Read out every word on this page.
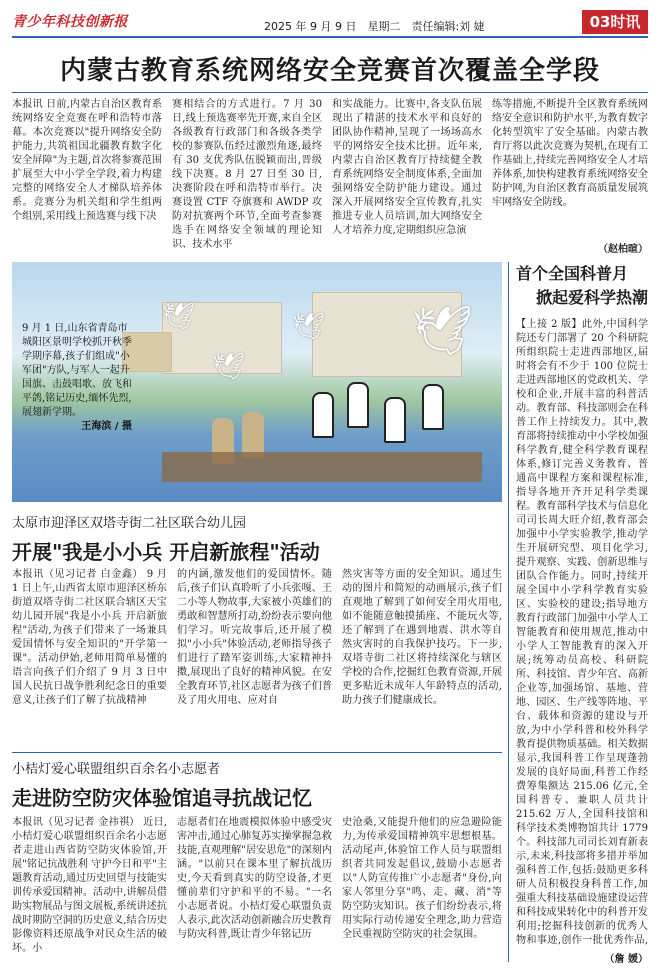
青少年科技创新报	2025 年 9 月 9 日　星期二　责任编辑:刘 婕	03时讯
内蒙古教育系统网络安全竞赛首次覆盖全学段
本报讯 日前,内蒙古自治区教育系统网络安全竞赛在呼和浩特市落幕。本次竞赛以"提升网络安全防护能力,共筑祖国北疆教育数字化安全屏障"为主题,首次将参赛范围扩展至大中小学全学段,着力构建完整的网络安全人才梯队培养体系。竞赛分为机关组和学生组两个组别,采用线上预选赛与线下决
赛相结合的方式进行。7 月 30 日,线上预选赛率先开赛,来自全区各级教育行政部门和各级各类学校的参赛队伍经过激烈角逐,最终有 30 支优秀队伍脱颖而出,晋级线下决赛。8 月 27 日至 30 日,决赛阶段在呼和浩特市举行。决赛设置 CTF 夺旗赛和 AWDP 攻防对抗赛两个环节,全面考查参赛选手在网络安全领域的理论知识、技术水平
和实战能力。比赛中,各支队伍展现出了精湛的技术水平和良好的团队协作精神,呈现了一场场高水平的网络安全技术比拼。近年来,内蒙古自治区教育厅持续健全教育系统网络安全制度体系,全面加强网络安全防护能力建设。通过深入开展网络安全宣传教育,扎实推进专业人员培训,加大网络安全人才培养力度,定期组织应急演
练等措施,不断提升全区教育系统网络安全意识和防护水平,为教育数字化转型筑牢了安全基础。内蒙古教育厅将以此次竞赛为契机,在现有工作基础上,持续完善网络安全人才培养体系,加快构建教育系统网络安全防护网,为自治区教育高质量发展筑牢网络安全防线。
（赵柏暄）
🕊︎	🕊︎ 🕊︎
🕊︎
9 月 1 日,山东省青岛市城阳区景明学校抓开秋季学期序幕,孩子们组成"小军团"方队,与军人一起升国旗、击鼓唱歌、放飞和平鸽,铭记历史,缅怀先烈,展翅新学期。
王海滨 / 摄
太原市迎泽区双塔寺街二社区联合幼儿园
开展"我是小小兵 开启新旅程"活动
本报讯（见习记者 白金鑫） 9 月 1 日上午,山西省太原市迎泽区桥东街道双塔寺街二社区联合辖区天宝幼儿园开展"我是小小兵 开启新旅程"活动,为孩子们带来了一场兼具爱国情怀与安全知识的"开学第一课"。活动伊始,老师用简单易懂的语言向孩子们介绍了 9 月 3 日中国人民抗日战争胜利纪念日的重要意义,让孩子们了解了抗战精神
的内涵,激发他们的爱国情怀。随后,孩子们认真聆听了小兵张嘎、王二小等人物故事,大家被小英雄们的勇敢和智慧所打动,纷纷表示要向他们学习。听完故事后,还开展了模拟"小小兵"体验活动,老师指导孩子们进行了踏军姿训练,大家精神抖擞,展现出了良好的精神风貌。在安全教育环节,社区志愿者为孩子们普及了用火用电、应对自
然灾害等方面的安全知识。通过生动的图片和简短的动画展示,孩子们直观地了解到了如何安全用火用电,如不能随意触摸插座、不能玩火等,还了解到了在遇到地震、洪水等自然灾害时的自我保护技巧。下一步,双塔寺街二社区将持续深化与辖区学校的合作,挖掘红色教育资源,开展更多贴近未成年人年龄特点的活动,助力孩子们健康成长。
小桔灯爱心联盟组织百余名小志愿者
走进防空防灾体验馆追寻抗战记忆
本报讯（见习记者 金祎祺） 近日,小桔灯爱心联盟组织百余名小志愿者走进山西省防空防灾体验馆,开展"铭记抗战胜利 守护今日和平"主题教育活动,通过历史回望与技能实训传承爱国精神。活动中,讲解员借助实物展品与图文展板,系统讲述抗战时期防空洞的历史意义,结合历史影像资料还原战争对民众生活的破坏。小
志愿者们在地震模拟体验中感受灾害冲击,通过心肺复苏实操掌握急救技能,直观理解"居安思危"的深刻内涵。"以前只在课本里了解抗战历史,今天看到真实的防空设备,才更懂前辈们守护和平的不易。"一名小志愿者说。小桔灯爱心联盟负责人表示,此次活动创新融合历史教育与防灾科普,既让青少年铭记历
史沧桑,又能提升他们的应急避险能力,为传承爱国精神筑牢思想根基。活动尾声,体验馆工作人员与联盟组织者共同发起倡议,鼓励小志愿者以"人防宣传推广小志愿者"身份,向家人邻里分享"鸣、走、藏、消"等防空防灾知识。孩子们纷纷表示,将用实际行动传递安全理念,助力营造全民重视防空防灾的社会氛围。
首个全国科普月
掀起爱科学热潮
【上接 2 版】此外,中国科学院还专门部署了 20 个科研院所组织院士走进西部地区,届时将会有不少于 100 位院士走进西部地区的党政机关、学校和企业,开展丰富的科普活动。教育部、科技部则会在科普工作上持续发力。其中,教育部将持续推动中小学校加强科学教育,健全科学教育课程体系,修订完善义务教育、普通高中课程方案和课程标准,指导各地开齐开足科学类课程。教育部科学技术与信息化司司长周大旺介绍,教育部会加强中小学实验教学,推动学生开展研究型、项目化学习,提升观察、实践、创新思维与团队合作能力。同时,持续开展全国中小学科学教育实验区、实验校的建设;指导地方教育行政部门加强中小学人工智能教育和使用规范,推动中小学人工智能教育的深入开展;统筹动员高校、科研院所、科技馆、青少年宫、高新企业等,加强场馆、基地、营地、园区、生产线等阵地、平台、载体和资源的建设与开放,为中小学科普和校外科学教育提供物质基础。相关数据显示,我国科普工作呈现蓬勃发展的良好局面,科普工作经费筹集额达 215.06 亿元,全国科普专、兼职人员共计 215.62 万人,全国科技馆和科学技术类博物馆共计 1779 个。科技部九司司长刘育新表示,未来,科技部将多措并举加强科普工作,包括:鼓励更多科研人员积极投身科普工作,加强重大科技基础设施建设运营和科技成果转化中的科普开发利用;挖掘科技创新的优秀人物和事迹,创作一批优秀作品,
（詹 媛）
